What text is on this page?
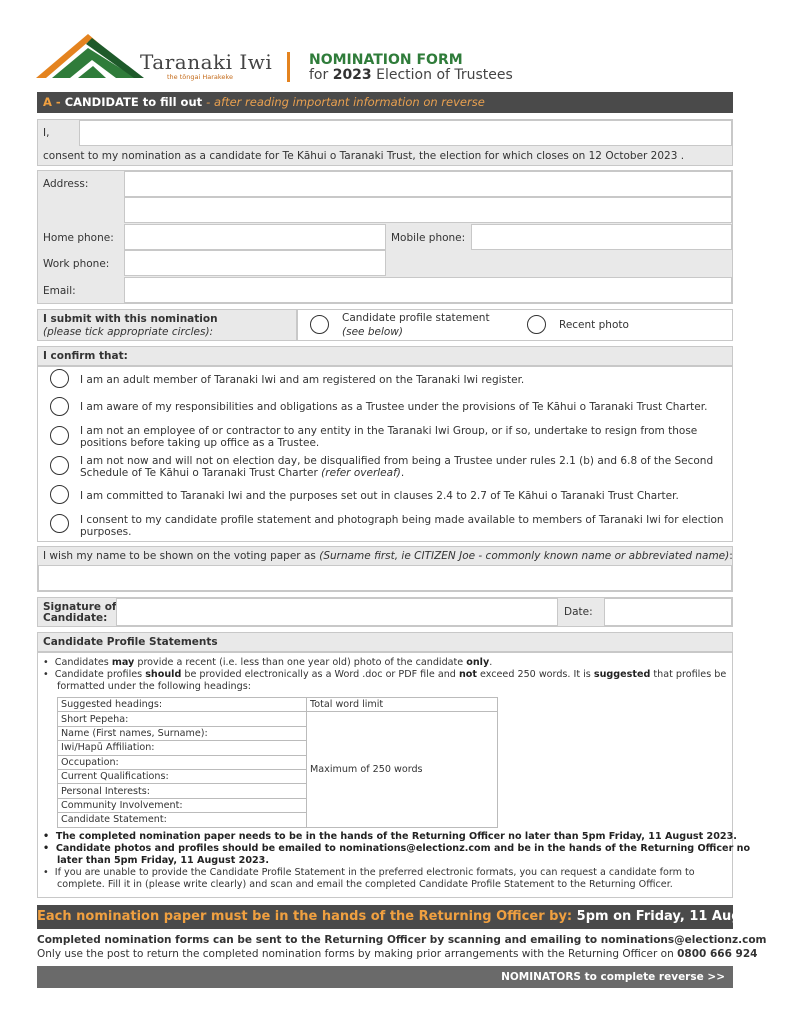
Taranaki Iwi
the tōngai Harakeke
NOMINATION FORM
for 2023 Election of Trustees
A - CANDIDATE to fill out - after reading important information on reverse
I,
consent to my nomination as a candidate for Te Kāhui o Taranaki Trust, the election for which closes on 12 October 2023 .
Address:
Home phone:	Mobile phone:
Work phone:
Email:
I submit with this nomination
(please tick appropriate circles):
Candidate profile statement
(see below)
Recent photo
I confirm that:
I am an adult member of Taranaki Iwi and am registered on the Taranaki Iwi register.
I am aware of my responsibilities and obligations as a Trustee under the provisions of Te Kāhui o Taranaki Trust Charter.
I am not an employee of or contractor to any entity in the Taranaki Iwi Group, or if so, undertake to resign from those
positions before taking up office as a Trustee.
I am not now and will not on election day, be disqualified from being a Trustee under rules 2.1 (b) and 6.8 of the Second
Schedule of Te Kāhui o Taranaki Trust Charter (refer overleaf).
I am committed to Taranaki Iwi and the purposes set out in clauses 2.4 to 2.7 of Te Kāhui o Taranaki Trust Charter.
I consent to my candidate profile statement and photograph being made available to members of Taranaki Iwi for election
purposes.
I wish my name to be shown on the voting paper as (Surname first, ie CITIZEN Joe - commonly known name or abbreviated name):
Signature of
Candidate:	Date:
Candidate Profile Statements
•  Candidates may provide a recent (i.e. less than one year old) photo of the candidate only.
•  Candidate profiles should be provided electronically as a Word .doc or PDF file and not exceed 250 words. It is suggested that profiles be
formatted under the following headings:
Suggested headings:	Total word limit
Short Pepeha:	Maximum of 250 words
Name (First names, Surname):	
Iwi/Hapū Affiliation:	
Occupation:	
Current Qualifications:	
Personal Interests:	
Community Involvement:	
Candidate Statement:	
•  The completed nomination paper needs to be in the hands of the Returning Officer no later than 5pm Friday, 11 August 2023.
•  Candidate photos and profiles should be emailed to nominations@electionz.com and be in the hands of the Returning Officer no
later than 5pm Friday, 11 August 2023.
•  If you are unable to provide the Candidate Profile Statement in the preferred electronic formats, you can request a candidate form to
complete. Fill it in (please write clearly) and scan and email the completed Candidate Profile Statement to the Returning Officer.
Each nomination paper must be in the hands of the Returning Officer by: 5pm on Friday, 11 August 2023
Completed nomination forms can be sent to the Returning Officer by scanning and emailing to nominations@electionz.com
Only use the post to return the completed nomination forms by making prior arrangements with the Returning Officer on 0800 666 924
NOMINATORS to complete reverse >>
